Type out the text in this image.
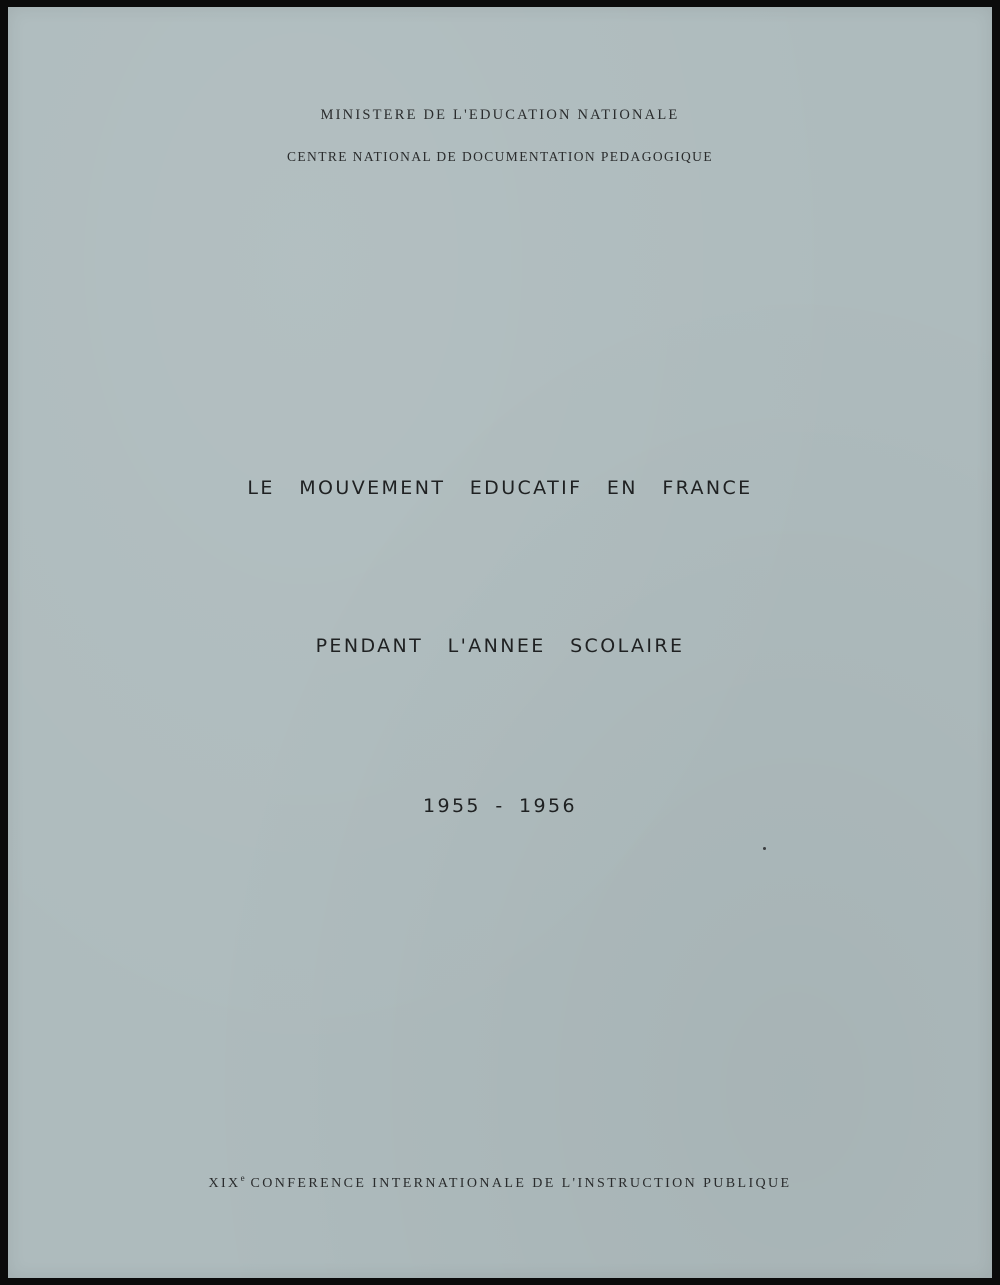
MINISTERE DE L'EDUCATION NATIONALE
CENTRE NATIONAL DE DOCUMENTATION PEDAGOGIQUE
LE MOUVEMENT EDUCATIF EN FRANCE
PENDANT L'ANNEE SCOLAIRE
1955 - 1956
XIXe CONFERENCE INTERNATIONALE DE L'INSTRUCTION PUBLIQUE
